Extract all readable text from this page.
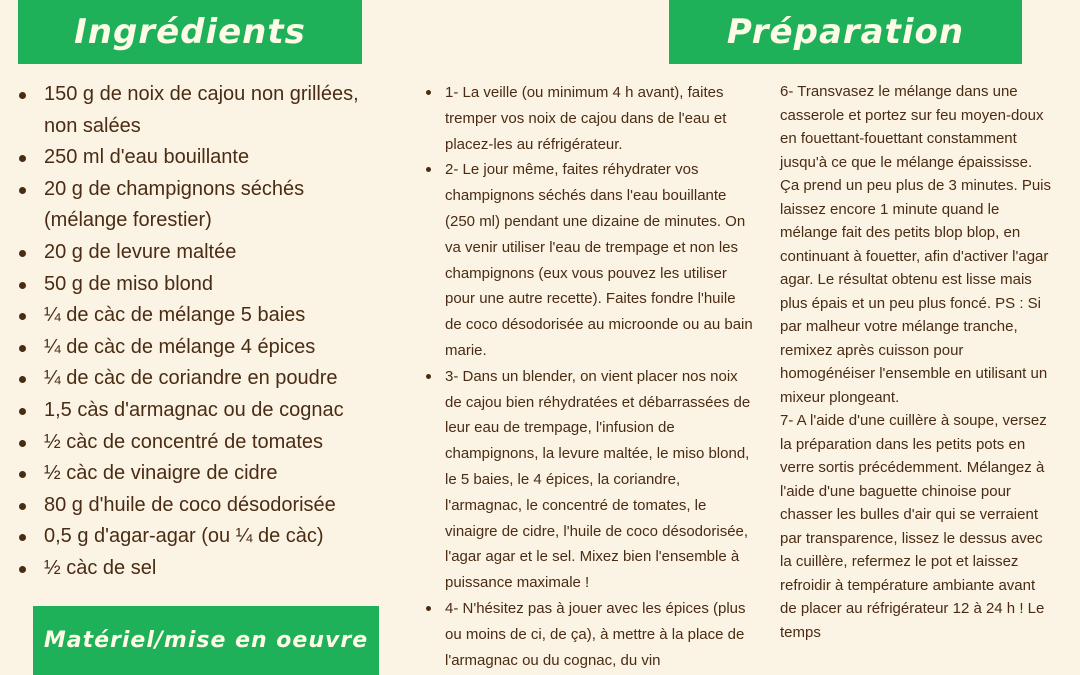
Ingrédients	Préparation
Matériel/mise en oeuvre
150 g de noix de cajou non grillées, non salées
250 ml d'eau bouillante
20 g de champignons séchés (mélange forestier)
20 g de levure maltée
50 g de miso blond
¼ de càc de mélange 5 baies
¼ de càc de mélange 4 épices
¼ de càc de coriandre en poudre
1,5 càs d'armagnac ou de cognac
½ càc de concentré de tomates
½ càc de vinaigre de cidre
80 g d'huile de coco désodorisée
0,5 g d'agar-agar (ou ¼ de càc)
½ càc de sel
1- La veille (ou minimum 4 h avant), faites tremper vos noix de cajou dans de l'eau et placez-les au réfrigérateur.
2- Le jour même, faites réhydrater vos champignons séchés dans l'eau bouillante (250 ml) pendant une dizaine de minutes. On va venir utiliser l'eau de trempage et non les champignons (eux vous pouvez les utiliser pour une autre recette). Faites fondre l'huile de coco désodorisée au microonde ou au bain marie.
3- Dans un blender, on vient placer nos noix de cajou bien réhydratées et débarrassées de leur eau de trempage, l'infusion de champignons, la levure maltée, le miso blond, le 5 baies, le 4 épices, la coriandre, l'armagnac, le concentré de tomates, le vinaigre de cidre, l'huile de coco désodorisée, l'agar agar et le sel. Mixez bien l'ensemble à puissance maximale !
4- N'hésitez pas à jouer avec les épices (plus ou moins de ci, de ça), à mettre à la place de l'armagnac ou du cognac, du vin

6- Transvasez le mélange dans une casserole et portez sur feu moyen-doux en fouettant-fouettant constamment jusqu'à ce que le mélange épaississe. Ça prend un peu plus de 3 minutes. Puis laissez encore 1 minute quand le mélange fait des petits blop blop, en continuant à fouetter, afin d'activer l'agar agar. Le résultat obtenu est lisse mais plus épais et un peu plus foncé. PS : Si par malheur votre mélange tranche, remixez après cuisson pour homogénéiser l'ensemble en utilisant un mixeur plongeant.

7- A l'aide d'une cuillère à soupe, versez la préparation dans les petits pots en verre sortis précédemment. Mélangez à l'aide d'une baguette chinoise pour chasser les bulles d'air qui se verraient par transparence, lissez le dessus avec la cuillère, refermez le pot et laissez refroidir à température ambiante avant de placer au réfrigérateur 12 à 24 h ! Le temps
